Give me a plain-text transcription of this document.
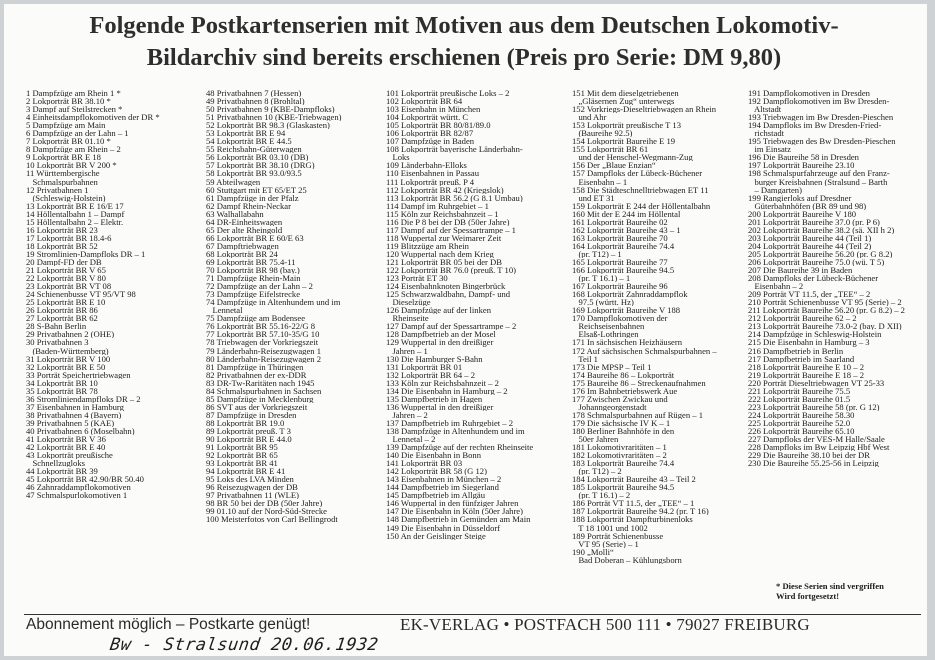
Folgende Postkartenserien mit Motiven aus dem Deutschen Lokomotiv-
Bildarchiv sind bereits erschienen (Preis pro Serie: DM 9,80)
1 Dampfzüge am Rhein 1 *
2 Lokporträt BR 38.10 *
3 Dampf auf Steilstrecken *
4 Einheitsdampflokomotiven der DR *
5 Dampfzüge am Main
6 Dampfzüge an der Lahn – 1
7 Lokporträt BR 01.10 *
8 Dampfzüge am Rhein – 2
9 Lokporträt BR E 18
10 Lokporträt BR V 200 *
11 Württembergische
Schmalspurbahnen
12 Privatbahnen 1
(Schleswig-Holstein)
13 Lokporträt BR E 16/E 17
14 Höllentalbahn 1 – Dampf
15 Höllentalbahn 2 – Elektr.
16 Lokporträt BR 23
17 Lokporträt BR 18.4-6
18 Lokporträt BR 52
19 Stromlinien-Dampfloks DR – 1
20 Dampf-FD der DB
21 Lokporträt BR V 65
22 Lokporträt BR V 80
23 Lokporträt BR VT 08
24 Schienenbusse VT 95/VT 98
25 Lokporträt BR E 10
26 Lokporträt BR 86
27 Lokporträt BR 62
28 S-Bahn Berlin
29 Privatbahnen 2 (OHE)
30 Privatbahnen 3
(Baden-Württemberg)
31 Lokporträt BR V 100
32 Lokporträt BR E 50
33 Porträt Speichertriebwagen
34 Lokporträt BR 10
35 Lokporträt BR 78
36 Stromliniendampfloks DR – 2
37 Eisenbahnen in Hamburg
38 Privatbahnen 4 (Bayern)
39 Privatbahnen 5 (KAE)
40 Privatbahnen 6 (Moselbahn)
41 Lokporträt BR V 36
42 Lokporträt BR E 40
43 Lokporträt preußische
Schnellzugloks
44 Lokporträt BR 39
45 Lokporträt BR 42.90/BR 50.40
46 Zahnraddampflokomotiven
47 Schmalspurlokomotiven 1
48 Privatbahnen 7 (Hessen)
49 Privatbahnen 8 (Brohltal)
50 Privatbahnen 9 (KBE-Dampfloks)
51 Privatbahnen 10 (KBE-Triebwagen)
52 Lokporträt BR 98.3 (Glaskasten)
53 Lokporträt BR E 94
54 Lokporträt BR E 44.5
55 Reichsbahn-Güterwagen
56 Lokporträt BR 03.10 (DB)
57 Lokporträt BR 38.10 (DRG)
58 Lokporträt BR 93.0/93.5
59 Abteilwagen
60 Stuttgart mit ET 65/ET 25
61 Dampfzüge in der Pfalz
62 Dampf Rhein-Neckar
63 Walhallabahn
64 DR-Einheitswagen
65 Der alte Rheingold
66 Lokporträt BR E 60/E 63
67 Dampftriebwagen
68 Lokporträt BR 24
69 Lokporträt BR 75.4-11
70 Lokporträt BR 98 (bay.)
71 Dampfzüge Rhein-Main
72 Dampfzüge an der Lahn – 2
73 Dampfzüge Eifelstrecke
74 Dampfzüge in Altenhundem und im
Lennetal
75 Dampfzüge am Bodensee
76 Lokporträt BR 55.16-22/G 8
77 Lokporträt BR 57.10-35/G 10
78 Triebwagen der Vorkriegszeit
79 Länderbahn-Reisezugwagen 1
80 Länderbahn-Reisezugwagen 2
81 Dampfzüge in Thüringen
82 Privatbahnen der ex-DDR
83 DR-Tw-Raritäten nach 1945
84 Schmalspurbahnen in Sachsen
85 Dampfzüge in Mecklenburg
86 SVT aus der Vorkriegszeit
87 Dampfzüge in Dresden
88 Lokporträt BR 19.0
89 Lokporträt preuß. T 3
90 Lokporträt BR E 44.0
91 Lokporträt BR 95
92 Lokporträt BR 65
93 Lokporträt BR 41
94 Lokporträt BR E 41
95 Loks des LVA Minden
96 Reisezugwagen der DB
97 Privatbahnen 11 (WLE)
98 BR 50 bei der DB (50er Jahre)
99 01.10 auf der Nord-Süd-Strecke
100 Meisterfotos von Carl Bellingrodt
101 Lokporträt preußische Loks – 2
102 Lokporträt BR 64
103 Eisenbahn in München
104 Lokporträt württ. C
105 Lokporträt BR 80/81/89.0
106 Lokporträt BR 82/87
107 Dampfzüge in Baden
108 Lokporträt bayerische Länderbahn-
Loks
109 Länderbahn-Elloks
110 Eisenbahnen in Passau
111 Lokporträt preuß. P 4
112 Lokporträt BR 42 (Kriegslok)
113 Lokporträt BR 56.2 (G 8.1 Umbau)
114 Dampf im Ruhrgebiet – 1
115 Köln zur Reichsbahnzeit – 1
116 Die P 8 bei der DB (50er Jahre)
117 Dampf auf der Spessartrampe – 1
118 Wuppertal zur Weimarer Zeit
119 Blitzzüge am Rhein
120 Wuppertal nach dem Krieg
121 Lokporträt BR 05 bei der DB
122 Lokporträt BR 76.0 (preuß. T 10)
123 Porträt ET 30
124 Eisenbahnknoten Bingerbrück
125 Schwarzwaldbahn, Dampf- und
Dieselzüge
126 Dampfzüge auf der linken
Rheinseite
127 Dampf auf der Spessartrampe – 2
128 Dampfbetrieb an der Mosel
129 Wuppertal in den dreißiger
Jahren – 1
130 Die Hamburger S-Bahn
131 Lokporträt BR 01
132 Lokporträt BR 64 – 2
133 Köln zur Reichsbahnzeit – 2
134 Die Eisenbahn in Hamburg – 2
135 Dampfbetrieb in Hagen
136 Wuppertal in den dreißiger
Jahren – 2
137 Dampfbetrieb im Ruhrgebiet – 2
138 Dampfzüge in Altenhundem und im
Lennetal – 2
139 Dampfzüge auf der rechten Rheinseite
140 Die Eisenbahn in Bonn
141 Lokporträt BR 03
142 Lokporträt BR 58 (G 12)
143 Eisenbahnen in München – 2
144 Dampfbetrieb im Siegerland
145 Dampfbetrieb im Allgäu
146 Wuppertal in den fünfziger Jahren
147 Die Eisenbahn in Köln (50er Jahre)
148 Dampfbetrieb in Gemünden am Main
149 Die Eisenbahn in Düsseldorf
150 An der Geislinger Steige
151 Mit dem dieselgetriebenen
„Gläsernen Zug“ unterwegs
152 Vorkriegs-Dieseltriebwagen an Rhein
und Ahr
153 Lokporträt preußische T 13
(Baureihe 92.5)
154 Lokporträt Baureihe E 19
155 Lokporträt BR 61
und der Henschel-Wegmann-Zug
156 Der „Blaue Enzian“
157 Dampfloks der Lübeck-Büchener
Eisenbahn – 1
158 Die Städteschnelltriebwagen ET 11
und ET 31
159 Lokporträt E 244 der Höllentalbahn
160 Mit der E 244 im Höllental
161 Lokporträt Baureihe 02
162 Lokporträt Baureihe 43 – 1
163 Lokporträt Baureihe 70
164 Lokporträt Baureihe 74.4
(pr. T12) – 1
165 Lokporträt Baureihe 77
166 Lokporträt Baureihe 94.5
(pr. T 16.1) – 1
167 Lokporträt Baureihe 96
168 Lokporträt Zahnraddampflok
97.5 (württ. Hz)
169 Lokporträt Baureihe V 188
170 Dampflokomotiven der
Reichseisenbahnen
Elsaß-Lothringen
171 In sächsischen Heizhäusern
172 Auf sächsischen Schmalspurbahnen –
Teil 1
173 Die MPSP – Teil 1
174 Baureihe 86 – Lokporträt
175 Baureihe 86 – Streckenaufnahmen
176 Im Bahnbetriebswerk Aue
177 Zwischen Zwickau und
Johanngeorgenstadt
178 Schmalspurbahnen auf Rügen – 1
179 Die sächsische IV K – 1
180 Berliner Bahnhöfe in den
50er Jahren
181 Lokomotivraritäten – 1
182 Lokomotivraritäten – 2
183 Lokporträt Baureihe 74.4
(pr. T12) – 2
184 Lokporträt Baureihe 43 – Teil 2
185 Lokporträt Baureihe 94.5
(pr. T 16.1) – 2
186 Porträt VT 11.5, der „TEE“ – 1
187 Lokporträt Baureihe 94.2 (pr. T 16)
188 Lokporträt Dampfturbinenloks
T 18 1001 und 1002
189 Porträt Schienenbusse
VT 95 (Serie) – 1
190 „Molli“
Bad Doberan – Kühlungsborn
191 Dampflokomotiven in Dresden
192 Dampflokomotiven im Bw Dresden-
Altstadt
193 Triebwagen im Bw Dresden-Pieschen
194 Dampfloks im Bw Dresden-Fried-
richstadt
195 Triebwagen des Bw Dresden-Pieschen
im Einsatz
196 Die Baureihe 58 in Dresden
197 Lokporträt Baureihe 23.10
198 Schmalspurfahrzeuge auf den Franz-
burger Kreisbahnen (Stralsund – Barth
– Damgarten)
199 Rangierloks auf Dresdner
Güterbahnhöfen (BR 89 und 98)
200 Lokporträt Baureihe V 180
201 Lokporträt Baureihe 37.0 (pr. P 6)
202 Lokporträt Baureihe 38.2 (sä. XII h 2)
203 Lokporträt Baureihe 44 (Teil 1)
204 Lokporträt Baureihe 44 (Teil 2)
205 Lokporträt Baureihe 56.20 (pr. G 8.2)
206 Lokporträt Baureihe 75.0 (wü. T 5)
207 Die Baureihe 39 in Baden
208 Dampfloks der Lübeck-Büchener
Eisenbahn – 2
209 Porträt VT 11.5, der „TEE“ – 2
210 Porträt Schienenbusse VT 95 (Serie) – 2
211 Lokporträt Baureihe 56.20 (pr. G 8.2) – 2
212 Lokporträt Baureihe 62 – 2
213 Lokporträt Baureihe 73.0-2 (bay. D XII)
214 Dampfzüge in Schleswig-Holstein
215 Die Eisenbahn in Hamburg – 3
216 Dampfbetrieb in Berlin
217 Dampfbetrieb im Saarland
218 Lokporträt Baureihe E 10 – 2
219 Lokporträt Baureihe E 18 – 2
220 Porträt Dieseltriebwagen VT 25-33
221 Lokporträt Baureihe 75.5
222 Lokporträt Baureihe 01.5
223 Lokporträt Baureihe 58 (pr. G 12)
224 Lokporträt Baureihe 58.30
225 Lokporträt Baureihe 52.0
226 Lokporträt Baureihe 65.10
227 Dampfloks der VES-M Halle/Saale
228 Dampfloks im Bw Leipzig Hbf West
229 Die Baureihe 38.10 bei der DR
230 Die Baureihe 55.25-56 in Leipzig

* Diese Serien sind vergriffen
Wird fortgesetzt!

Abonnement möglich – Postkarte genügt!	EK-VERLAG • POSTFACH 500 111 • 79027 FREIBURG
Bw - Stralsund 20.06.1932
